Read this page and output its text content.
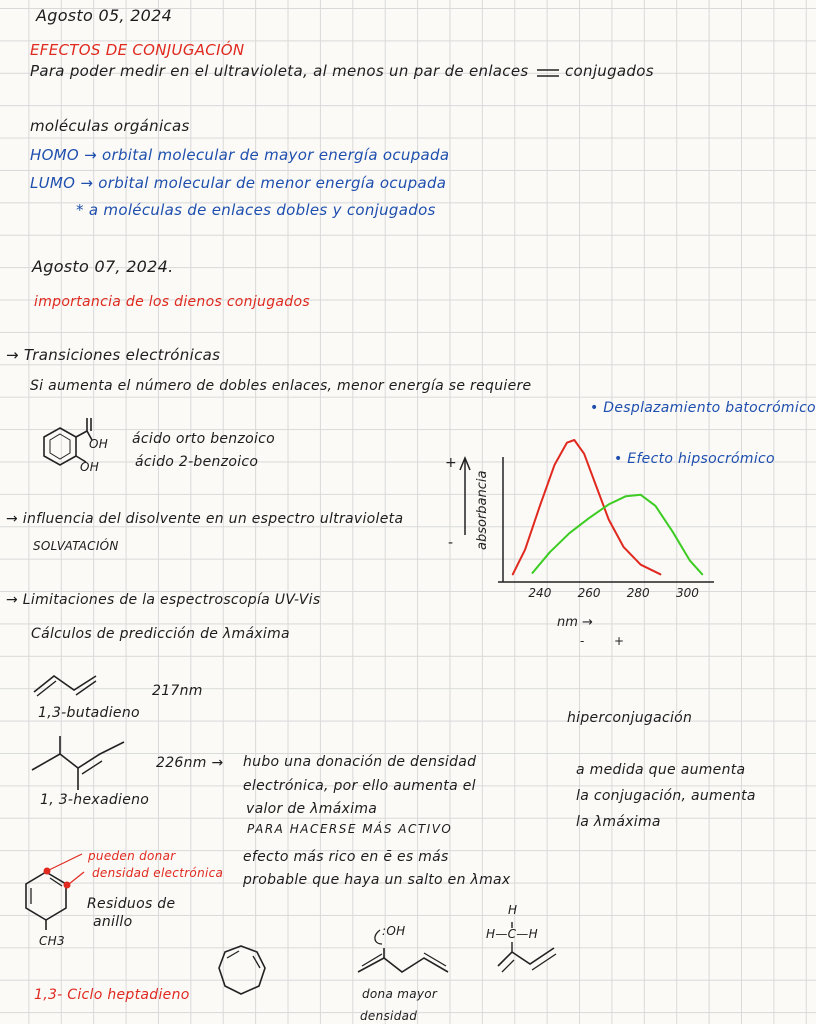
Agosto 05, 2024
EFECTOS DE CONJUGACIÓN
Para poder medir en el ultravioleta, al menos un par de enlaces conjugados
moléculas orgánicas
HOMO → orbital molecular de mayor energía ocupada
LUMO → orbital molecular de menor energía ocupada
* a moléculas de enlaces dobles y conjugados
Agosto 07, 2024.
importancia de los dienos conjugados
→ Transiciones electrónicas
Si aumenta el número de dobles enlaces, menor energía se requiere
OH
OH
ácido orto benzoico
ácido 2-benzoico
→ influencia del disolvente en un espectro ultravioleta
SOLVATACIÓN
→ Limitaciones de la espectroscopía UV-Vis
Cálculos de predicción de λmáxima
240 260 280 300
absorbancia
nm →
- +
+
-
• Desplazamiento batocrómico
• Efecto hipsocrómico
217nm
1,3-butadieno
1, 3-hexadieno
226nm → hubo una donación de densidad
electrónica, por ello aumenta el
valor de λmáxima
PARA HACERSE MÁS ACTIVO
efecto más rico en ē es más
probable que haya un salto en λmax
pueden donar
densidad electrónica
Residuos de
anillo
CH3
1,3- Ciclo heptadieno
:OH
dona mayor
densidad
H
H—C—H
hiperconjugación
a medida que aumenta
la conjugación, aumenta
la λmáxima
